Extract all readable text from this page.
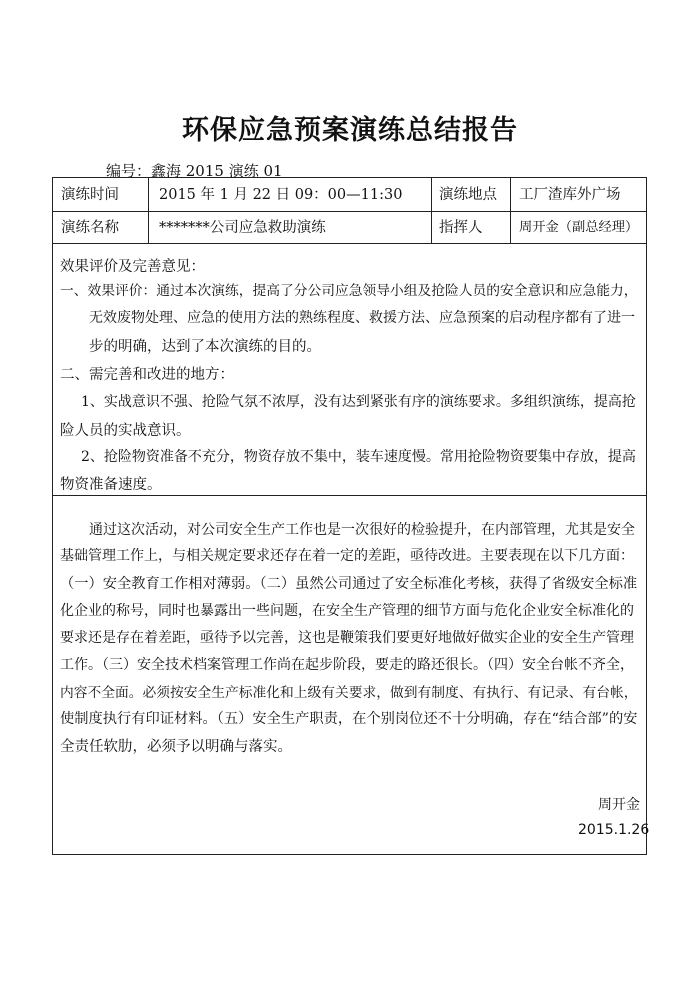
环保应急预案演练总结报告
编号：鑫海 2015 演练 01
演练时间	2015 年 1 月 22 日 09：00—11:30	演练地点 工厂渣库外广场
演练名称	*******公司应急救助演练	指挥人	周开金（副总经理）
效果评价及完善意见：
一、效果评价：通过本次演练，提高了分公司应急领导小组及抢险人员的安全意识和应急能力，
无效废物处理、应急的使用方法的熟练程度、救援方法、应急预案的启动程序都有了进一
步的明确，达到了本次演练的目的。
二、需完善和改进的地方：
1、实战意识不强、抢险气氛不浓厚，没有达到紧张有序的演练要求。多组织演练，提高抢
险人员的实战意识。
2、抢险物资准备不充分，物资存放不集中，装车速度慢。常用抢险物资要集中存放，提高
物资准备速度。
通过这次活动，对公司安全生产工作也是一次很好的检验提升，在内部管理，尤其是安全
基础管理工作上，与相关规定要求还存在着一定的差距，亟待改进。主要表现在以下几方面：
（一）安全教育工作相对薄弱。（二）虽然公司通过了安全标准化考核，获得了省级安全标准
化企业的称号，同时也暴露出一些问题，在安全生产管理的细节方面与危化企业安全标准化的
要求还是存在着差距，亟待予以完善，这也是鞭策我们要更好地做好做实企业的安全生产管理
工作。（三）安全技术档案管理工作尚在起步阶段，要走的路还很长。（四）安全台帐不齐全，
内容不全面。必须按安全生产标准化和上级有关要求，做到有制度、有执行、有记录、有台帐，
使制度执行有印证材料。（五）安全生产职责，在个别岗位还不十分明确，存在“结合部”的安
全责任软肋，必须予以明确与落实。
周开金
2015.1.26
